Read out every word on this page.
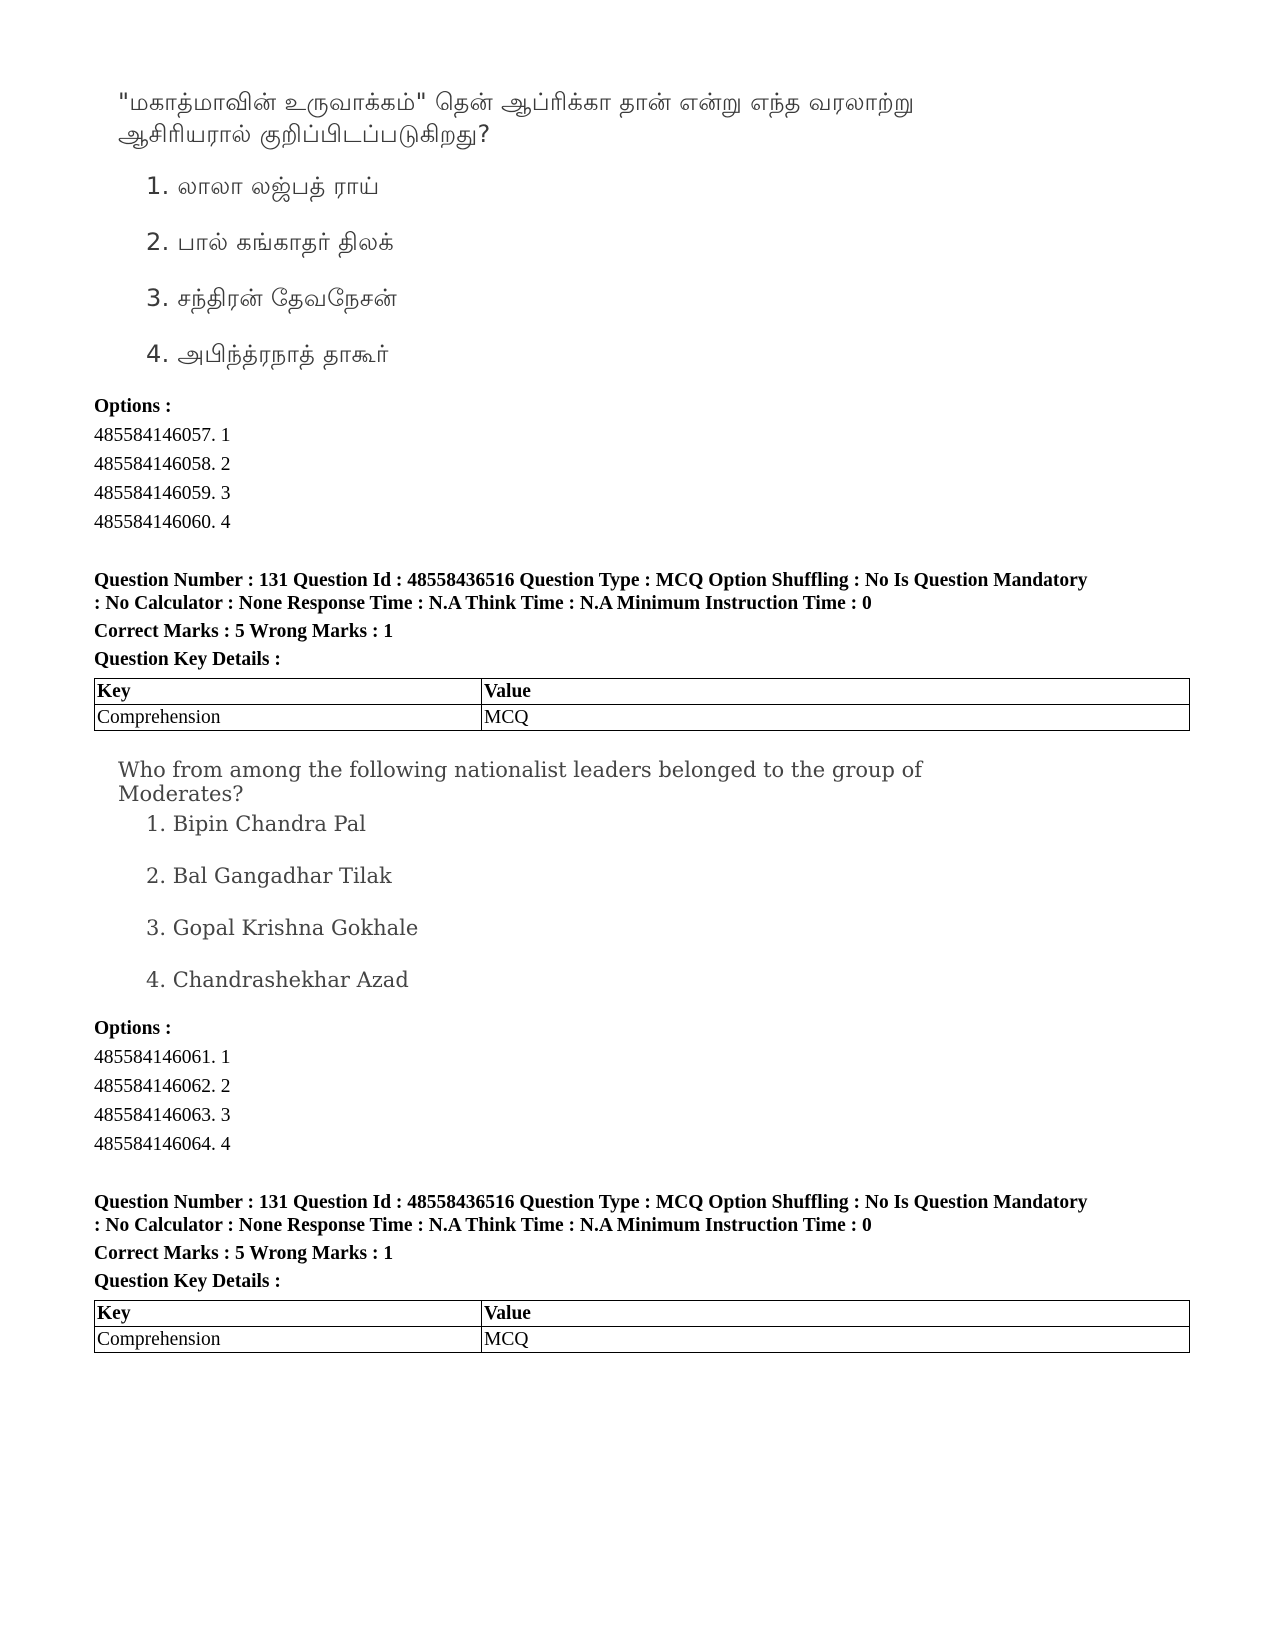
"மகாத்மாவின் உருவாக்கம்" தென் ஆப்ரிக்கா தான் என்று எந்த வரலாற்று
ஆசிரியரால் குறிப்பிடப்படுகிறது?

1. லாலா லஜ்பத் ராய்
2. பால் கங்காதர் திலக்
3. சந்திரன் தேவநேசன்
4. அபிந்த்ரநாத் தாகூர்
Options :
485584146057. 1
485584146058. 2
485584146059. 3
485584146060. 4
Question Number : 131 Question Id : 48558436516 Question Type : MCQ Option Shuffling : No Is Question Mandatory
: No Calculator : None Response Time : N.A Think Time : N.A Minimum Instruction Time : 0
Correct Marks : 5 Wrong Marks : 1
Question Key Details :
Key	Value
Comprehension	MCQ

Who from among the following nationalist leaders belonged to the group of Moderates?

1. Bipin Chandra Pal
2. Bal Gangadhar Tilak
3. Gopal Krishna Gokhale
4. Chandrashekhar Azad
Options :
485584146061. 1
485584146062. 2
485584146063. 3
485584146064. 4
Question Number : 131 Question Id : 48558436516 Question Type : MCQ Option Shuffling : No Is Question Mandatory
: No Calculator : None Response Time : N.A Think Time : N.A Minimum Instruction Time : 0
Correct Marks : 5 Wrong Marks : 1
Question Key Details :
Key	Value
Comprehension	MCQ
